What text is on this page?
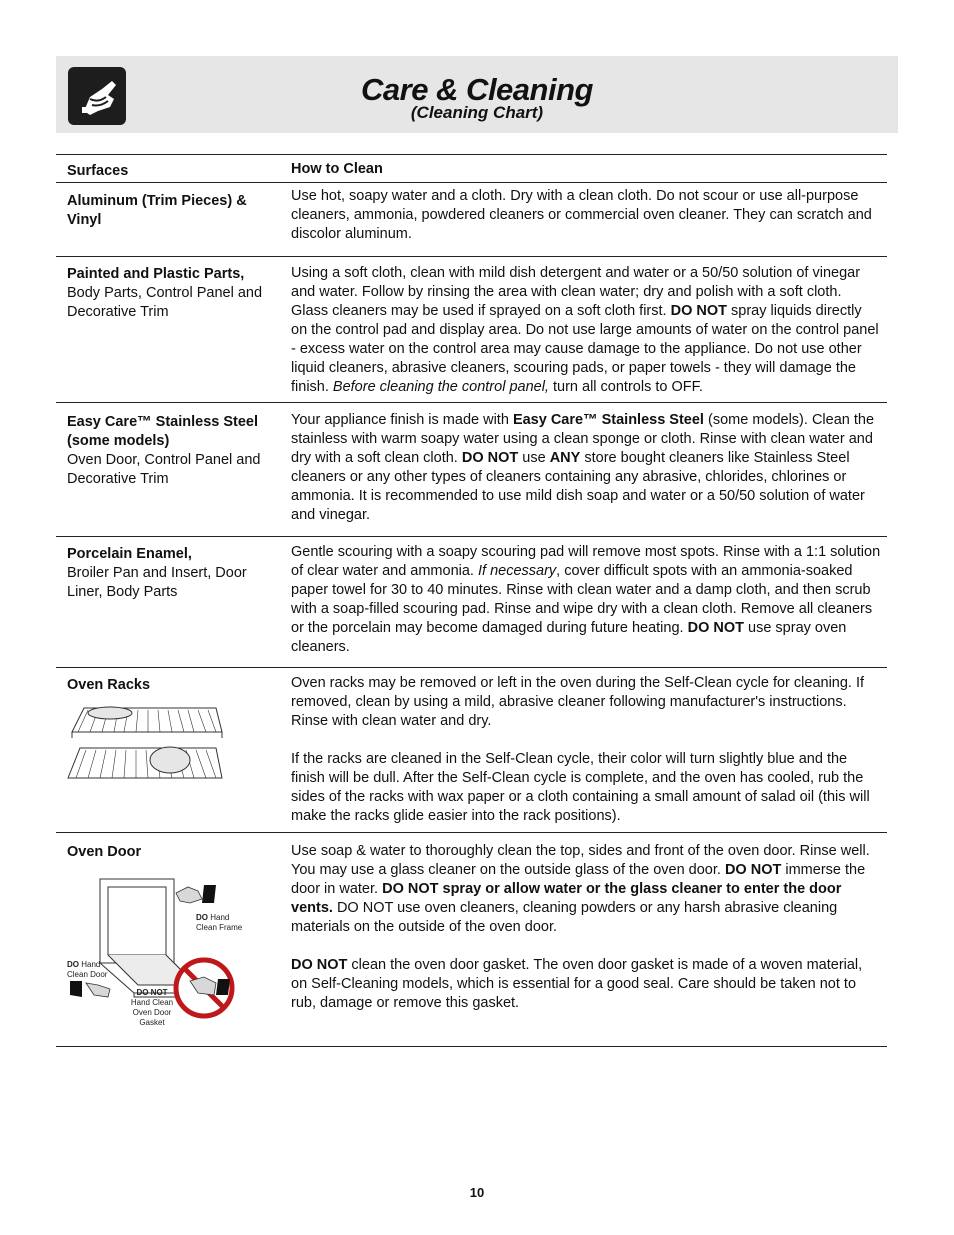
Care & Cleaning
(Cleaning Chart)
Surfaces	How to Clean
Aluminum (Trim Pieces) & Vinyl
Use hot, soapy water and a cloth. Dry with a clean cloth. Do not scour or use all-purpose cleaners, ammonia, powdered cleaners or commercial oven cleaner. They can scratch and discolor aluminum.
Painted and Plastic Parts,
Body Parts, Control Panel and Decorative Trim
Using a soft cloth, clean with mild dish detergent and water or a 50/50 solution of vinegar and water. Follow by rinsing the area with clean water; dry and polish with a soft cloth. Glass cleaners may be used if sprayed on a soft cloth first. DO NOT spray liquids directly on the control pad and display area. Do not use large amounts of water on the control panel - excess water on the control area may cause damage to the appliance. Do not use other liquid cleaners, abrasive cleaners, scouring pads, or paper towels - they will damage the finish. Before cleaning the control panel, turn all controls to OFF.
Easy Care™ Stainless Steel (some models)
Oven Door, Control Panel and Decorative Trim
Your appliance finish is made with Easy Care™ Stainless Steel (some models). Clean the stainless with warm soapy water using a clean sponge or cloth. Rinse with clean water and dry with a soft clean cloth. DO NOT use ANY store bought cleaners like Stainless Steel cleaners or any other types of cleaners containing any abrasive, chlorides, chlorines or ammonia. It is recommended to use mild dish soap and water or a 50/50 solution of water and vinegar.
Porcelain Enamel,
Broiler Pan and Insert, Door Liner, Body Parts
Gentle scouring with a soapy scouring pad will remove most spots. Rinse with a 1:1 solution of clear water and ammonia. If necessary, cover difficult spots with an ammonia-soaked paper towel for 30 to 40 minutes. Rinse with clean water and a damp cloth, and then scrub with a soap-filled scouring pad. Rinse and wipe dry with a clean cloth. Remove all cleaners or the porcelain may become damaged during future heating. DO NOT use spray oven cleaners.
Oven Racks	Oven racks may be removed or left in the oven during the Self-Clean cycle for cleaning. If removed, clean by using a mild, abrasive cleaner following manufacturer's instructions. Rinse with clean water and dry.

If the racks are cleaned in the Self-Clean cycle, their color will turn slightly blue and the finish will be dull. After the Self-Clean cycle is complete, and the oven has cooled, rub the sides of the racks with wax paper or a cloth containing a small amount of salad oil (this will make the racks glide easier into the rack positions).

Oven Door
DO Hand
Clean Frame
DO Hand
Clean Door
DO NOT
Hand Clean
Oven Door
Gasket

Use soap & water to thoroughly clean the top, sides and front of the oven door. Rinse well. You may use a glass cleaner on the outside glass of the oven door. DO NOT immerse the door in water. DO NOT spray or allow water or the glass cleaner to enter the door vents. DO NOT use oven cleaners, cleaning powders or any harsh abrasive cleaning materials on the outside of the oven door.

DO NOT clean the oven door gasket. The oven door gasket is made of a woven material, on Self-Cleaning models, which is essential for a good seal. Care should be taken not to rub, damage or remove this gasket.

10
